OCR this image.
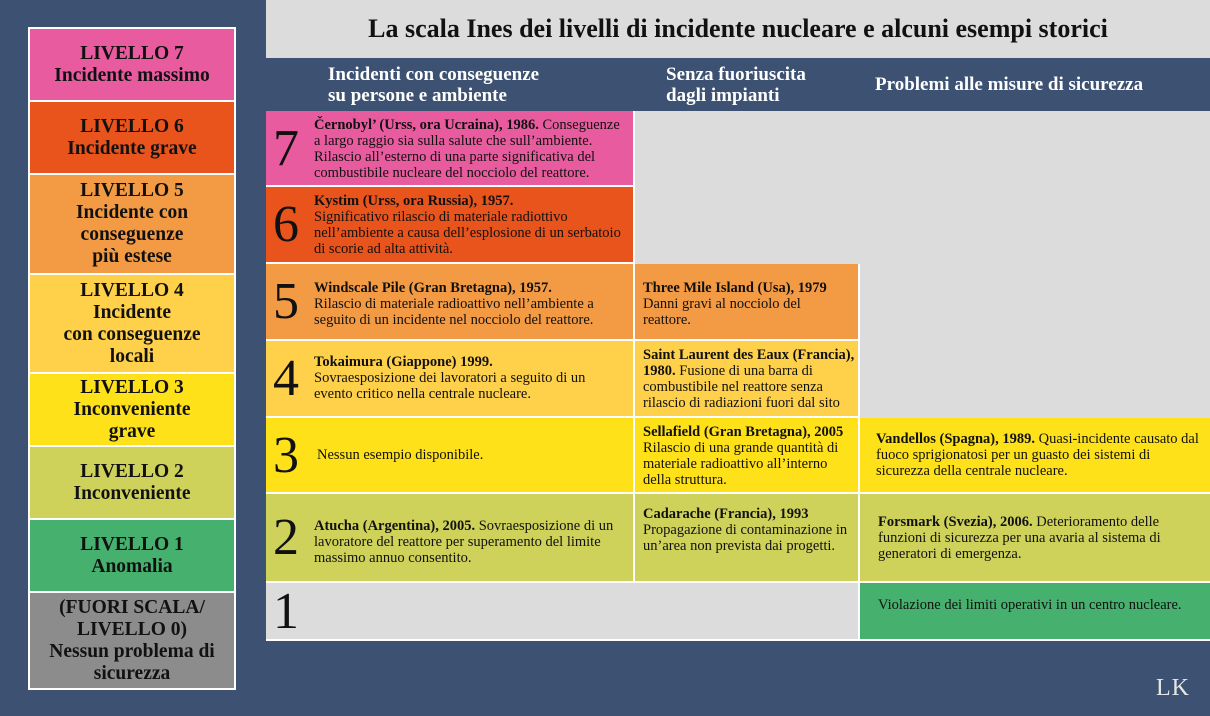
LIVELLO 7
Incidente massimo
LIVELLO 6
Incidente grave
LIVELLO 5
Incidente con
conseguenze
più estese
LIVELLO 4
Incidente
con conseguenze
locali
LIVELLO 3
Inconveniente
grave
LIVELLO 2
Inconveniente
LIVELLO 1
Anomalia
(FUORI SCALA/
LIVELLO 0)
Nessun problema di
sicurezza
La scala Ines dei livelli di incidente nucleare e alcuni esempi storici
Incidenti con conseguenze
su persone e ambiente
Senza fuoriuscita
dagli impianti	Problemi alle misure di sicurezza
7
6
5
4
3
2
1
Černobyl’ (Urss, ora Ucraina), 1986. Conseguenze a largo raggio sia sulla salute che sull’ambiente. Rilascio all’esterno di una parte significativa del combustibile nucleare del nocciolo del reattore.
Kystim (Urss, ora Russia), 1957.
Significativo rilascio di materiale radiottivo nell’ambiente a causa dell’esplosione di un serbatoio di scorie ad alta attività.
Windscale Pile (Gran Bretagna), 1957.
Rilascio di materiale radioattivo nell’ambiente a seguito di un incidente nel nocciolo del reattore.
Three Mile Island (Usa), 1979
Danni gravi al nocciolo del reattore.
Tokaimura (Giappone) 1999.
Sovraesposizione dei lavoratori a seguito di un evento critico nella centrale nucleare.
Saint Laurent des Eaux (Francia), 1980. Fusione di una barra di combustibile nel reattore senza rilascio di radiazioni fuori dal sito
Nessun esempio disponibile.
Sellafield (Gran Bretagna), 2005
Rilascio di una grande quantità di materiale radioattivo all’interno della struttura.
Vandellos (Spagna), 1989. Quasi-incidente causato dal fuoco sprigionatosi per un guasto dei sistemi di sicurezza della centrale nucleare.
Atucha (Argentina), 2005. Sovraesposizione di un lavoratore del reattore per superamento del limite massimo annuo consentito.
Cadarache (Francia), 1993
Propagazione di contaminazione in un’area non prevista dai progetti.
Forsmark (Svezia), 2006. Deterioramento delle funzioni di sicurezza per una avaria al sistema di generatori di emergenza.
Violazione dei limiti operativi in un centro nucleare.
LK
